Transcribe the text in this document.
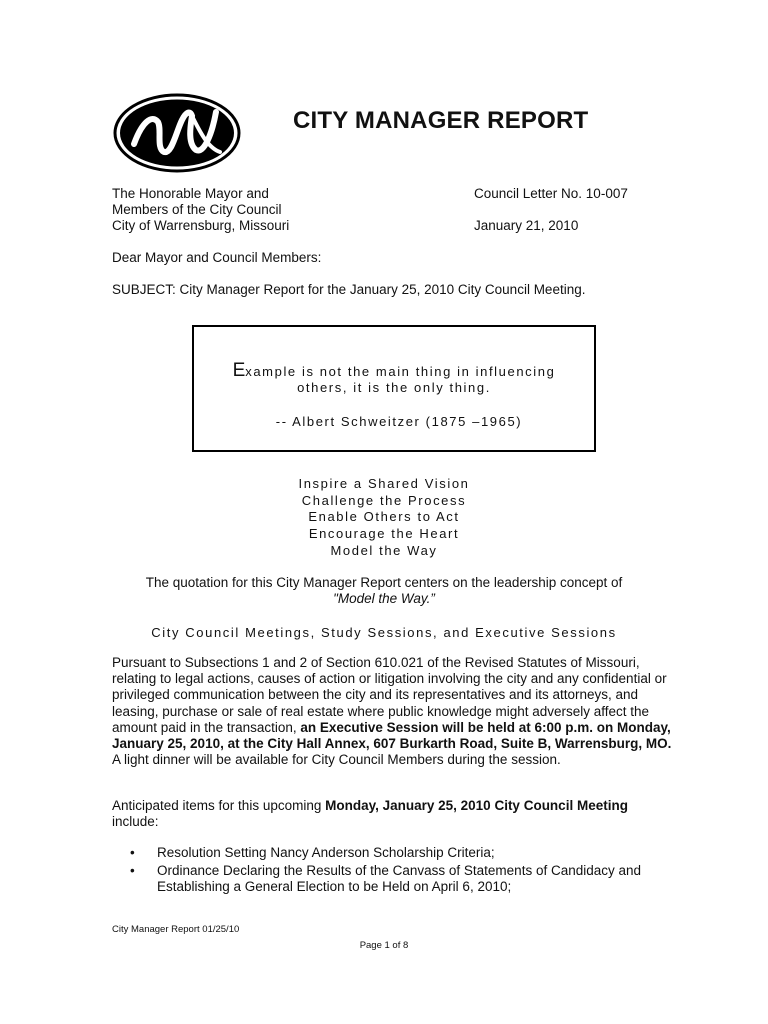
CITY MANAGER REPORT
The Honorable Mayor and
Members of the City Council
City of Warrensburg, Missouri
Council Letter No. 10-007
January 21, 2010
Dear Mayor and Council Members:
SUBJECT: City Manager Report for the January 25, 2010 City Council Meeting.
Example is not the main thing in influencing
others, it is the only thing.
-- Albert Schweitzer (1875 –1965)
Inspire a Shared Vision
Challenge the Process
Enable Others to Act
Encourage the Heart
Model the Way
The quotation for this City Manager Report centers on the leadership concept of
"Model the Way.”
City Council Meetings, Study Sessions, and Executive Sessions
Pursuant to Subsections 1 and 2 of Section 610.021 of the Revised Statutes of Missouri, relating to legal actions, causes of action or litigation involving the city and any confidential or privileged communication between the city and its representatives and its attorneys, and leasing, purchase or sale of real estate where public knowledge might adversely affect the amount paid in the transaction, an Executive Session will be held at 6:00 p.m. on Monday, January 25, 2010, at the City Hall Annex, 607 Burkarth Road, Suite B, Warrensburg, MO. A light dinner will be available for City Council Members during the session.
Anticipated items for this upcoming Monday, January 25, 2010 City Council Meeting include:
• Resolution Setting Nancy Anderson Scholarship Criteria;
• Ordinance Declaring the Results of the Canvass of Statements of Candidacy and Establishing a General Election to be Held on April 6, 2010;
City Manager Report 01/25/10
Page 1 of 8
